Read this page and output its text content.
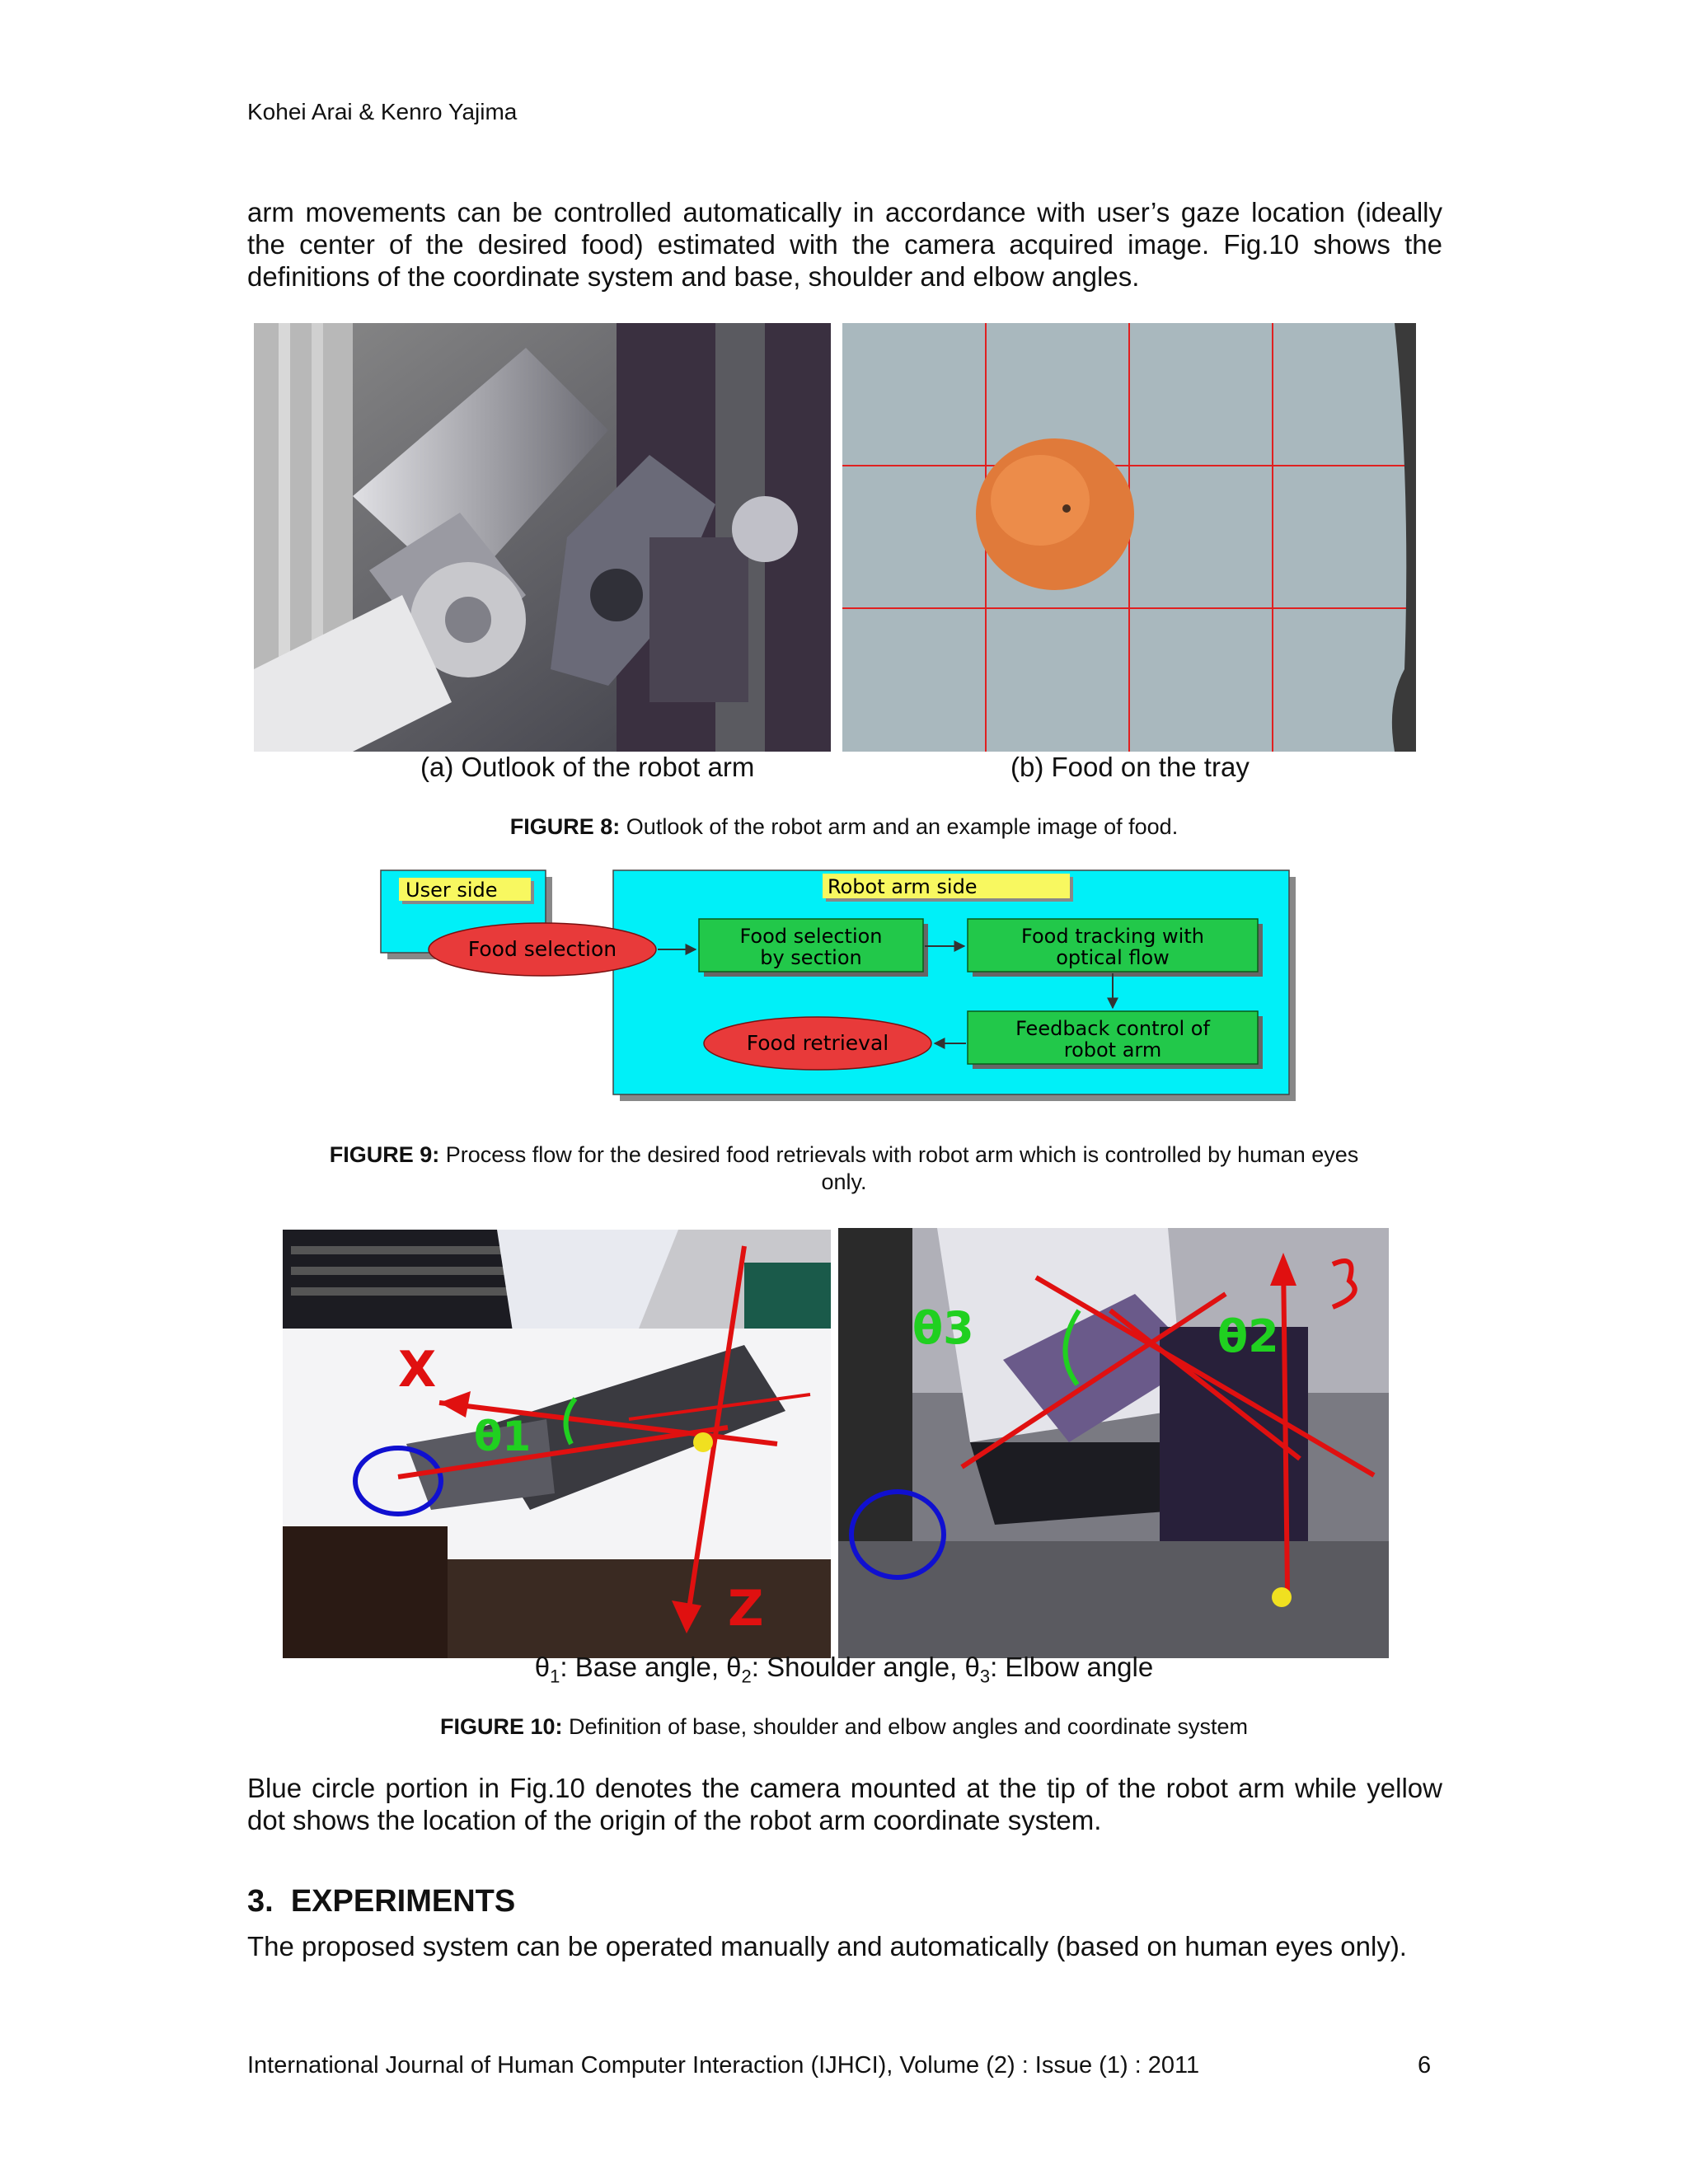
Kohei Arai & Kenro Yajima
arm movements can be controlled automatically in accordance with user’s gaze location (ideally the center of the desired food) estimated with the camera acquired image. Fig.10 shows the definitions of the coordinate system and base, shoulder and elbow angles.
(a) Outlook of the robot arm	(b) Food on the tray
FIGURE 8: Outlook of the robot arm and an example image of food.
User side	Robot arm side
Food selection
Food selection
by section
Food tracking with
optical flow
Feedback control of
robot arm
Food retrieval
FIGURE 9: Process flow for the desired food retrievals with robot arm which is controlled by human eyes
only.
X
Z
θ1
θ3	θ2
$\theta_1$: Base angle, $\theta_2$: Shoulder angle, $\theta_3$: Elbow angle
FIGURE 10: Definition of base, shoulder and elbow angles and coordinate system
Blue circle portion in Fig.10 denotes the camera mounted at the tip of the robot arm while yellow dot shows the location of the origin of the robot arm coordinate system.
3. EXPERIMENTS
The proposed system can be operated manually and automatically (based on human eyes only).
International Journal of Human Computer Interaction (IJHCI), Volume (2) : Issue (1) : 2011	6
